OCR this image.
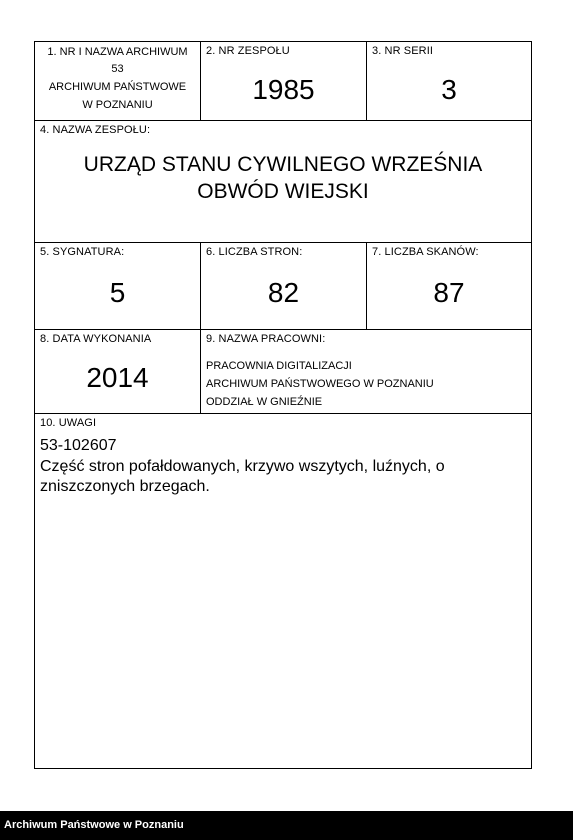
1. NR I NAZWA ARCHIWUM
53
ARCHIWUM PAŃSTWOWE
W POZNANIU
2. NR ZESPOŁU
1985
3. NR SERII
3
4. NAZWA ZESPOŁU:
URZĄD STANU CYWILNEGO WRZEŚNIA
OBWÓD WIEJSKI
5. SYGNATURA:
5
6. LICZBA STRON:
82
7. LICZBA SKANÓW:
87
8. DATA WYKONANIA
2014
9. NAZWA PRACOWNI:
PRACOWNIA DIGITALIZACJI
ARCHIWUM PAŃSTWOWEGO W POZNANIU
ODDZIAŁ W GNIEŹNIE
10. UWAGI
53-102607
Część stron pofałdowanych, krzywo wszytych, luźnych, o zniszczonych brzegach.
Archiwum Państwowe w Poznaniu
